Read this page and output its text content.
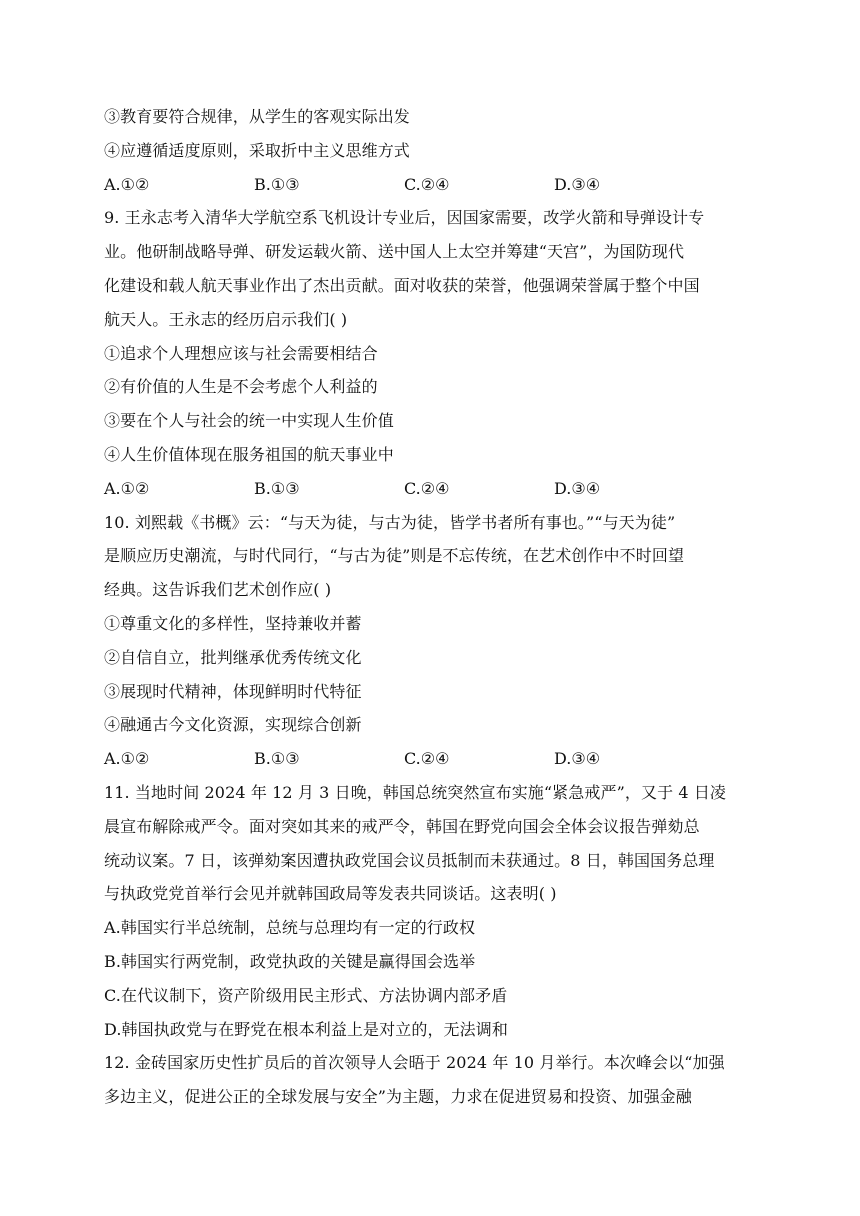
③教育要符合规律，从学生的客观实际出发
④应遵循适度原则，采取折中主义思维方式
A.①②	B.①③	C.②④	D.③④
9. 王永志考入清华大学航空系飞机设计专业后，因国家需要，改学火箭和导弹设计专
业。他研制战略导弹、研发运载火箭、送中国人上太空并筹建“天宫”，为国防现代
化建设和载人航天事业作出了杰出贡献。面对收获的荣誉，他强调荣誉属于整个中国
航天人。王永志的经历启示我们( )
①追求个人理想应该与社会需要相结合
②有价值的人生是不会考虑个人利益的
③要在个人与社会的统一中实现人生价值
④人生价值体现在服务祖国的航天事业中
A.①②	B.①③	C.②④	D.③④
10. 刘熙载《书概》云：“与天为徒，与古为徒，皆学书者所有事也。”“与天为徒”
是顺应历史潮流，与时代同行，“与古为徒”则是不忘传统，在艺术创作中不时回望
经典。这告诉我们艺术创作应( )
①尊重文化的多样性，坚持兼收并蓄
②自信自立，批判继承优秀传统文化
③展现时代精神，体现鲜明时代特征
④融通古今文化资源，实现综合创新
A.①②	B.①③	C.②④	D.③④
11. 当地时间 2024 年 12 月 3 日晚，韩国总统突然宣布实施“紧急戒严”，又于 4 日凌
晨宣布解除戒严令。面对突如其来的戒严令，韩国在野党向国会全体会议报告弹劾总
统动议案。7 日，该弹劾案因遭执政党国会议员抵制而未获通过。8 日，韩国国务总理
与执政党党首举行会见并就韩国政局等发表共同谈话。这表明( )
A.韩国实行半总统制，总统与总理均有一定的行政权
B.韩国实行两党制，政党执政的关键是赢得国会选举
C.在代议制下，资产阶级用民主形式、方法协调内部矛盾
D.韩国执政党与在野党在根本利益上是对立的，无法调和
12. 金砖国家历史性扩员后的首次领导人会晤于 2024 年 10 月举行。本次峰会以“加强
多边主义，促进公正的全球发展与安全”为主题，力求在促进贸易和投资、加强金融
